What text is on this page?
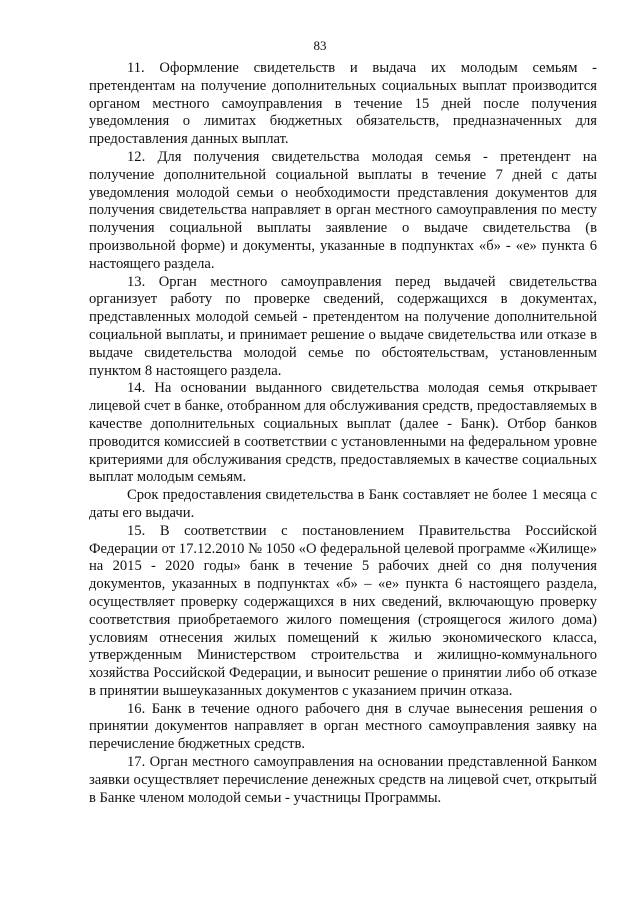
83

11. Оформление свидетельств и выдача их молодым семьям - претендентам на получение дополнительных социальных выплат производится органом местного самоуправления в течение 15 дней после получения уведомления о лимитах бюджетных обязательств, предназначенных для предоставления данных выплат.

12. Для получения свидетельства молодая семья - претендент на получение дополнительной социальной выплаты в течение 7 дней с даты уведомления молодой семьи о необходимости представления документов для получения свидетельства направляет в орган местного самоуправления по месту получения социальной выплаты заявление о выдаче свидетельства (в произвольной форме) и документы, указанные в подпунктах «б» - «е» пункта 6 настоящего раздела.

13. Орган местного самоуправления перед выдачей свидетельства организует работу по проверке сведений, содержащихся в документах, представленных молодой семьей - претендентом на получение дополнительной социальной выплаты, и принимает решение о выдаче свидетельства или отказе в выдаче свидетельства молодой семье по обстоятельствам, установленным пунктом 8 настоящего раздела.

14. На основании выданного свидетельства молодая семья открывает лицевой счет в банке, отобранном для обслуживания средств, предоставляемых в качестве дополнительных социальных выплат (далее - Банк). Отбор банков проводится комиссией в соответствии с установленными на федеральном уровне критериями для обслуживания средств, предоставляемых в качестве социальных выплат молодым семьям.

Срок предоставления свидетельства в Банк составляет не более 1 месяца с даты его выдачи.

15. В соответствии с постановлением Правительства Российской Федерации от 17.12.2010 № 1050 «О федеральной целевой программе «Жилище» на 2015 - 2020 годы» банк в течение 5 рабочих дней со дня получения документов, указанных в подпунктах «б» – «е» пункта 6 настоящего раздела, осуществляет проверку содержащихся в них сведений, включающую проверку соответствия приобретаемого жилого помещения (строящегося жилого дома) условиям отнесения жилых помещений к жилью экономического класса, утвержденным Министерством строительства и жилищно-коммунального хозяйства Российской Федерации, и выносит решение о принятии либо об отказе в принятии вышеуказанных документов с указанием причин отказа.

16. Банк в течение одного рабочего дня в случае вынесения решения о принятии документов направляет в орган местного самоуправления заявку на перечисление бюджетных средств.

17. Орган местного самоуправления на основании представленной Банком заявки осуществляет перечисление денежных средств на лицевой счет, открытый в Банке членом молодой семьи - участницы Программы.
